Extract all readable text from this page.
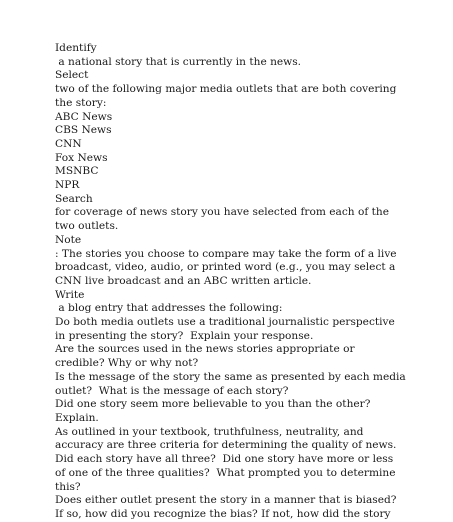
Identify
a national story that is currently in the news.
Select
two of the following major media outlets that are both covering
the story:
ABC News
CBS News
CNN
Fox News
MSNBC
NPR
Search
for coverage of news story you have selected from each of the
two outlets.
Note
: The stories you choose to compare may take the form of a live
broadcast, video, audio, or printed word (e.g., you may select a
CNN live broadcast and an ABC written article.
Write
a blog entry that addresses the following:
Do both media outlets use a traditional journalistic perspective
in presenting the story?  Explain your response.
Are the sources used in the news stories appropriate or
credible? Why or why not?
Is the message of the story the same as presented by each media
outlet?  What is the message of each story?
Did one story seem more believable to you than the other?
Explain.
As outlined in your textbook, truthfulness, neutrality, and
accuracy are three criteria for determining the quality of news.
Did each story have all three?  Did one story have more or less
of one of the three qualities?  What prompted you to determine
this?
Does either outlet present the story in a manner that is biased?
If so, how did you recognize the bias? If not, how did the story
